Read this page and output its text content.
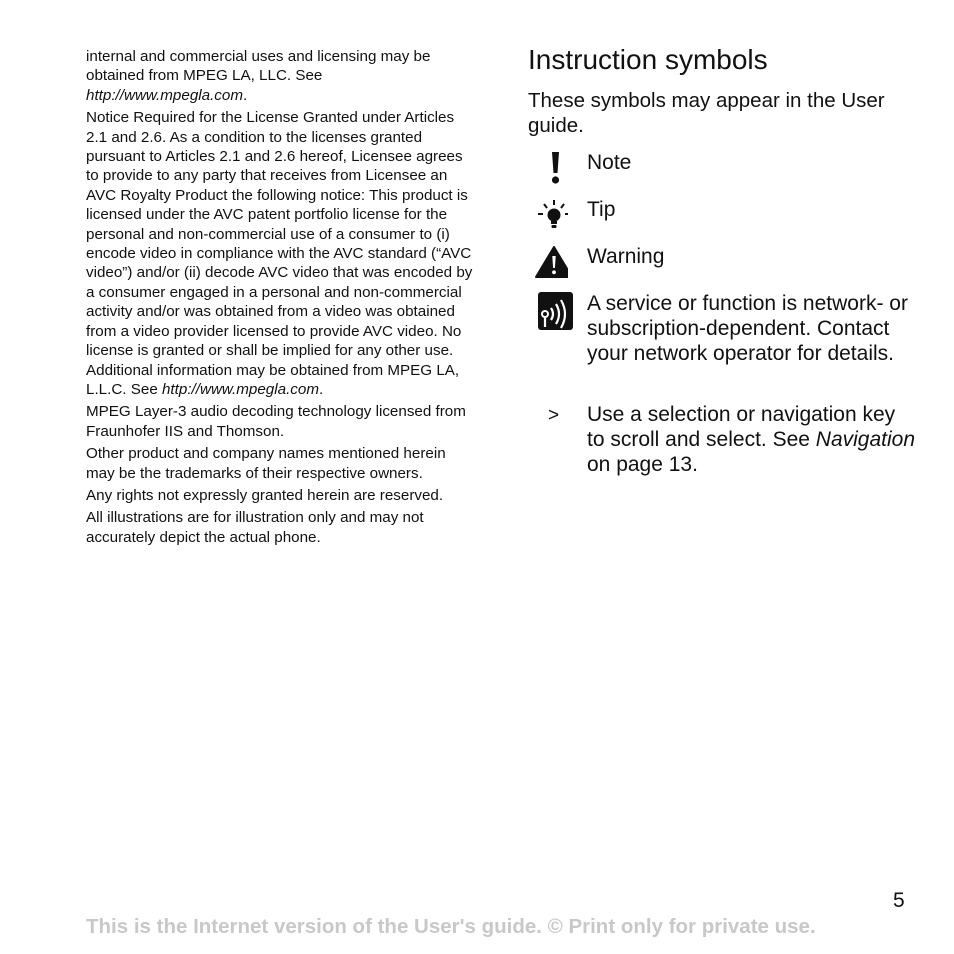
internal and commercial uses and licensing may be obtained from MPEG LA, LLC. See http://www.mpegla.com.

Notice Required for the License Granted under Articles 2.1 and 2.6. As a condition to the licenses granted pursuant to Articles 2.1 and 2.6 hereof, Licensee agrees to provide to any party that receives from Licensee an AVC Royalty Product the following notice: This product is licensed under the AVC patent portfolio license for the personal and non-commercial use of a consumer to (i) encode video in compliance with the AVC standard (“AVC video”) and/or (ii) decode AVC video that was encoded by a consumer engaged in a personal and non-commercial activity and/or was obtained from a video was obtained from a video provider licensed to provide AVC video. No license is granted or shall be implied for any other use. Additional information may be obtained from MPEG LA, L.L.C. See http://www.mpegla.com.

MPEG Layer-3 audio decoding technology licensed from Fraunhofer IIS and Thomson.

Other product and company names mentioned herein may be the trademarks of their respective owners.

Any rights not expressly granted herein are reserved.

All illustrations are for illustration only and may not accurately depict the actual phone.

Instruction symbols

These symbols may appear in the User guide.

Note
Tip
Warning
A service or function is network- or subscription-dependent. Contact your network operator for details.
> Use a selection or navigation key to scroll and select. See Navigation on page 13.
5
This is the Internet version of the User's guide. © Print only for private use.
